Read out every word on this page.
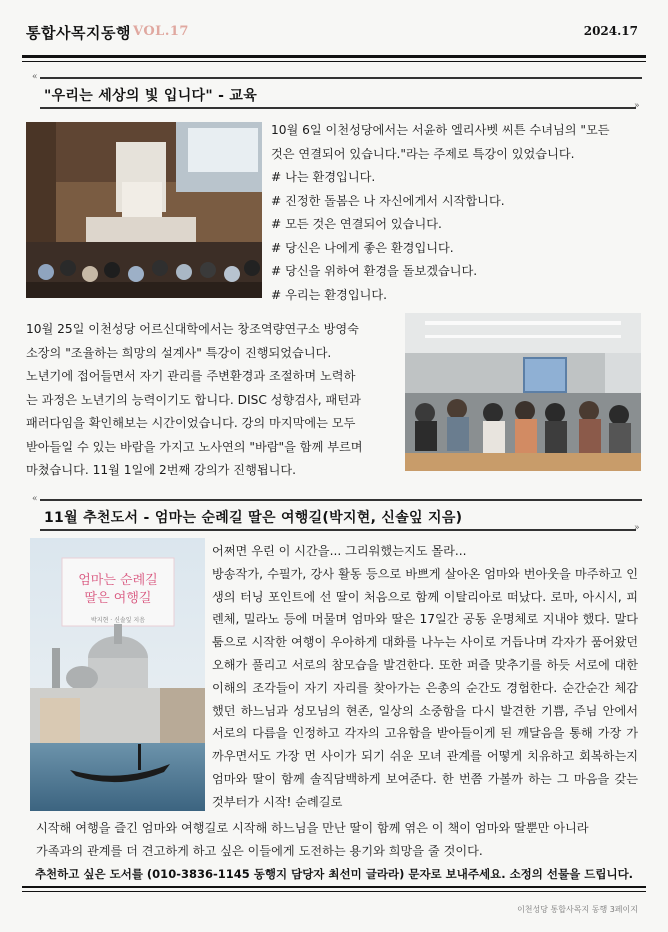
통합사목지동행 VOL.17	2024.17
«
"우리는 세상의 빛 입니다" - 교육
»

10월 6일 이천성당에서는 서윤하 엘리사벳 씨튼 수녀님의 "모든

것은 연결되어 있습니다."라는 주제로 특강이 있었습니다.

# 나는 환경입니다.

# 진정한 돌봄은 나 자신에게서 시작합니다.

# 모든 것은 연결되어 있습니다.

# 당신은 나에게 좋은 환경입니다.

# 당신을 위하여 환경을 돌보겠습니다.

# 우리는 환경입니다.

10월 25일 이천성당 어르신대학에서는 창조역량연구소 방영숙

소장의 "조율하는 희망의 설계사" 특강이 진행되었습니다.

노년기에 접어들면서 자기 관리를 주변환경과 조절하며 노력하

는 과정은 노년기의 능력이기도 합니다. DISC 성향검사, 패턴과

패러다임을 확인해보는 시간이었습니다. 강의 마지막에는 모두

받아들일 수 있는 바람을 가지고 노사연의 "바람"을 함께 부르며

마쳤습니다. 11월 1일에 2번째 강의가 진행됩니다.

«
11월 추천도서 - 엄마는 순례길 딸은 여행길(박지현, 신솔잎 지음)
»
엄마는 순례길
딸은 여행길
박지현 · 신솔잎 지음
어쩌면 우린 이 시간을... 그리워했는지도 몰라...
방송작가, 수필가, 강사 활동 등으로 바쁘게 살아온 엄마와 번아웃을 마주하고 인생의 터닝 포인트에 선 딸이 처음으로 함께 이탈리아로 떠났다. 로마, 아시시, 피렌체, 밀라노 등에 머물며 엄마와 딸은 17일간 공동 운명체로 지내야 했다. 말다툼으로 시작한 여행이 우아하게 대화를 나누는 사이로 거듭나며 각자가 품어왔던 오해가 풀리고 서로의 참모습을 발견한다. 또한 퍼즐 맞추기를 하듯 서로에 대한 이해의 조각들이 자기 자리를 찾아가는 은총의 순간도 경험한다. 순간순간 체감했던 하느님과 성모님의 현존, 일상의 소중함을 다시 발견한 기쁨, 주님 안에서 서로의 다름을 인정하고 각자의 고유함을 받아들이게 된 깨달음을 통해 가장 가까우면서도 가장 먼 사이가 되기 쉬운 모녀 관계를 어떻게 치유하고 회복하는지 엄마와 딸이 함께 솔직담백하게 보여준다. 한 번쯤 가볼까 하는 그 마음을 갖는 것부터가 시작! 순례길로

시작해 여행을 즐긴 엄마와 여행길로 시작해 하느님을 만난 딸이 함께 엮은 이 책이 엄마와 딸뿐만 아니라

가족과의 관계를 더 견고하게 하고 싶은 이들에게 도전하는 용기와 희망을 줄 것이다.

추천하고 싶은 도서를 (010-3836-1145 동행지 담당자 최선미 글라라) 문자로 보내주세요. 소정의 선물을 드립니다.
이천성당 통합사목지 동행 3페이지
